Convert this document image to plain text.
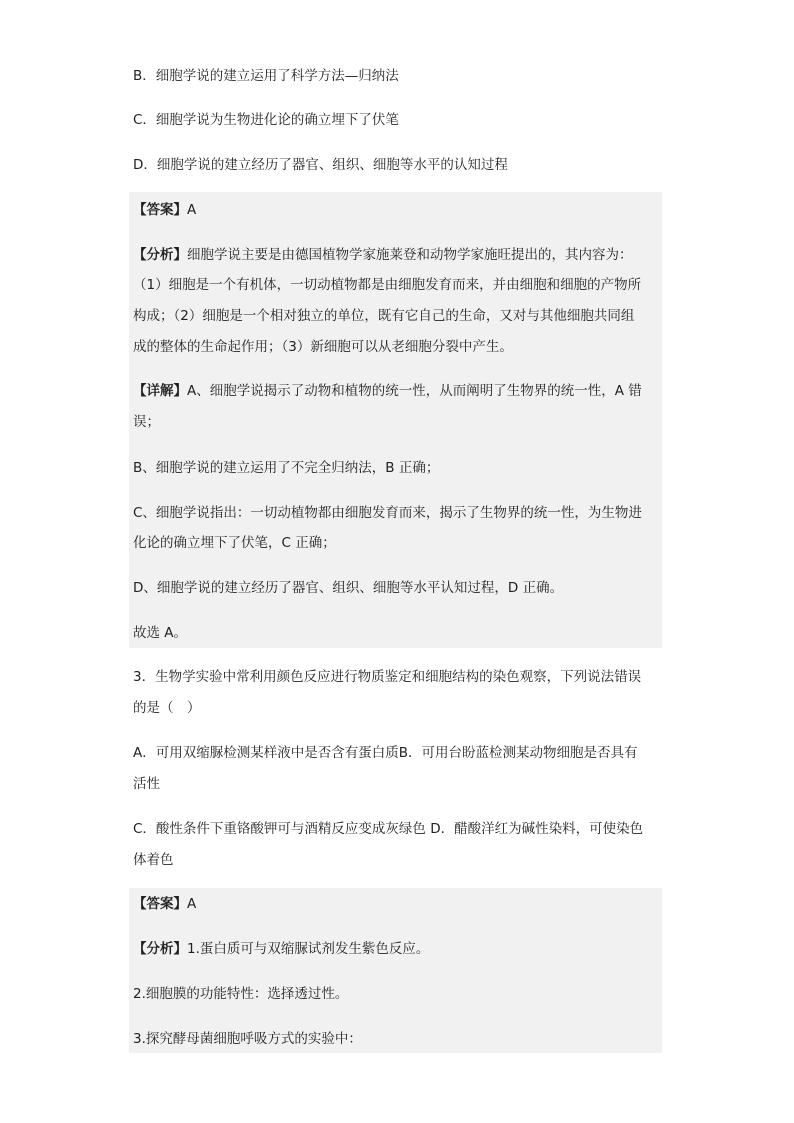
B．细胞学说的建立运用了科学方法—归纳法
C．细胞学说为生物进化论的确立埋下了伏笔
D．细胞学说的建立经历了器官、组织、细胞等水平的认知过程
【答案】A
【分析】细胞学说主要是由德国植物学家施莱登和动物学家施旺提出的，其内容为：
（1）细胞是一个有机体，一切动植物都是由细胞发育而来，并由细胞和细胞的产物所
构成；（2）细胞是一个相对独立的单位，既有它自己的生命，又对与其他细胞共同组
成的整体的生命起作用；（3）新细胞可以从老细胞分裂中产生。
【详解】A、细胞学说揭示了动物和植物的统一性，从而阐明了生物界的统一性，A 错
误；
B、细胞学说的建立运用了不完全归纳法，B 正确；
C、细胞学说指出：一切动植物都由细胞发育而来，揭示了生物界的统一性，为生物进
化论的确立埋下了伏笔，C 正确；
D、细胞学说的建立经历了器官、组织、细胞等水平认知过程，D 正确。
故选 A。
3．生物学实验中常利用颜色反应进行物质鉴定和细胞结构的染色观察，下列说法错误
的是（　）
A．可用双缩脲检测某样液中是否含有蛋白质B．可用台盼蓝检测某动物细胞是否具有
活性
C．酸性条件下重铬酸钾可与酒精反应变成灰绿色 D．醋酸洋红为碱性染料，可使染色
体着色
【答案】A
【分析】1.蛋白质可与双缩脲试剂发生紫色反应。
2.细胞膜的功能特性：选择透过性。
3.探究酵母菌细胞呼吸方式的实验中：
